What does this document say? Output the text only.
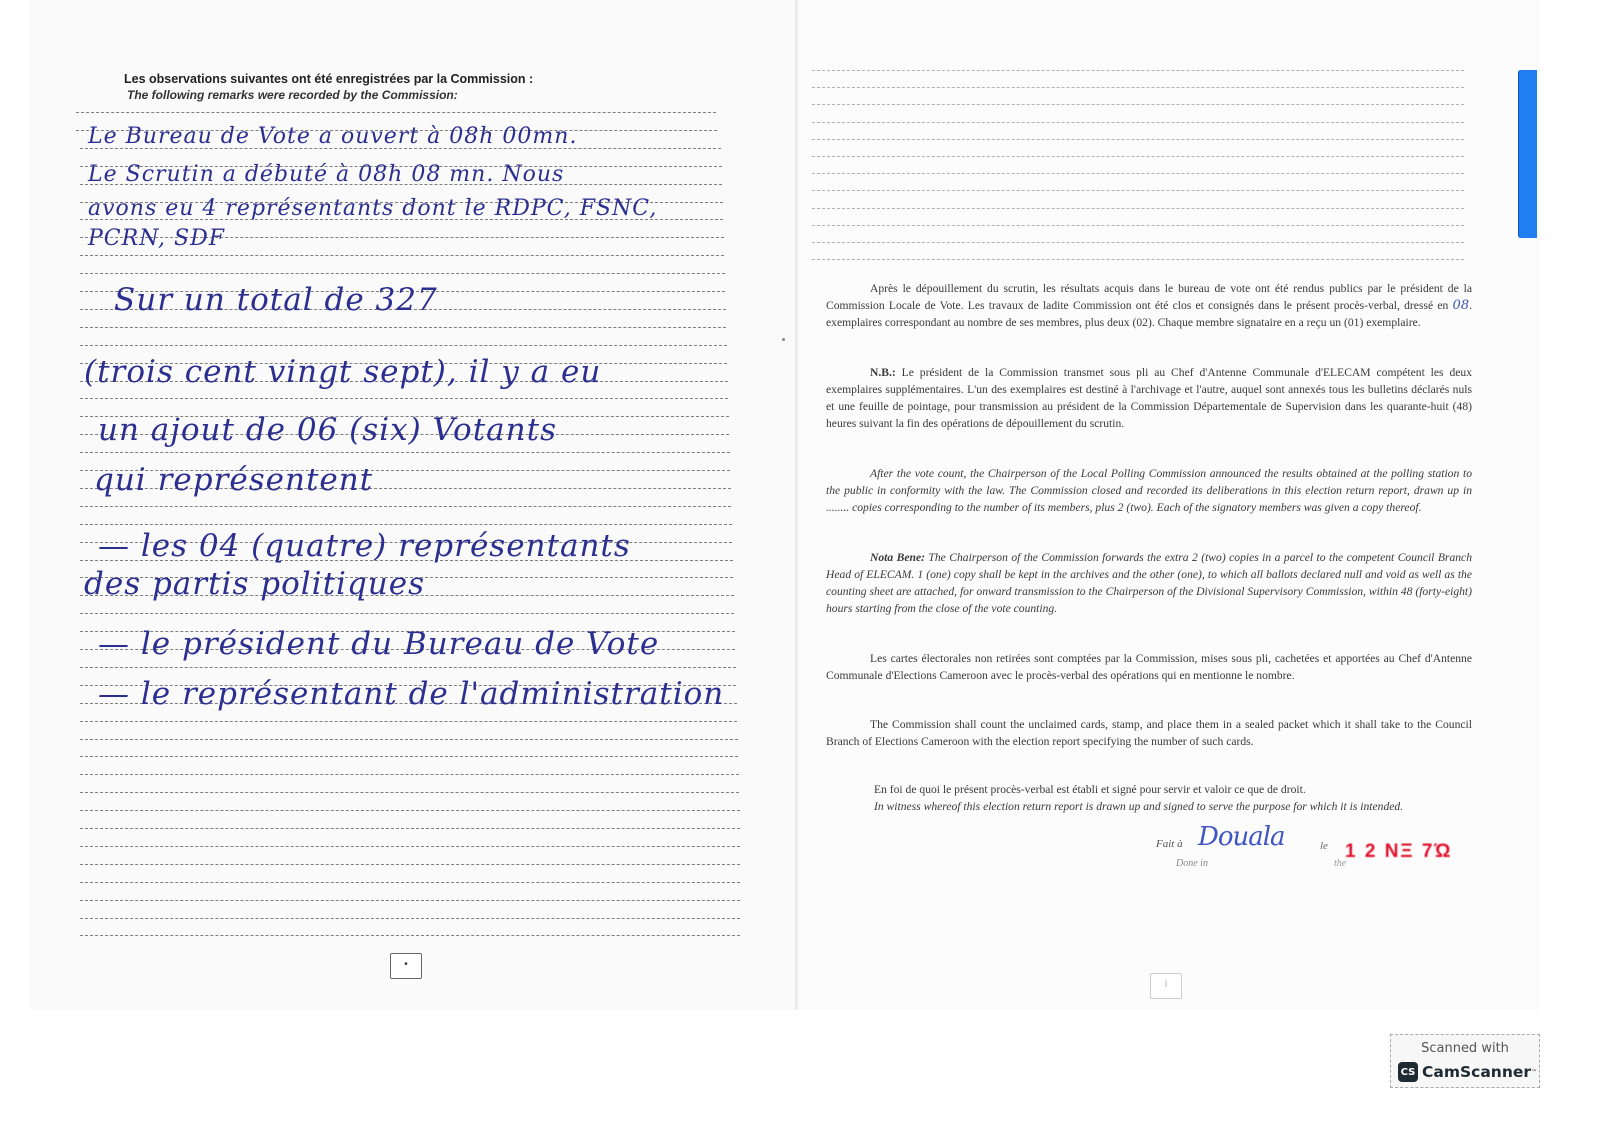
Les observations suivantes ont été enregistrées par la Commission :
The following remarks were recorded by the Commission:
Le Bureau de Vote a ouvert à 08h 00mn.
Le Scrutin a débuté à 08h 08 mn. Nous
avons eu 4 représentants dont le RDPC, FSNC,
PCRN, SDF
Sur un total de 327
(trois cent vingt sept), il y a eu
un ajout de 06 (six) Votants
qui représentent
— les 04 (quatre) représentants
des partis politiques
— le président du Bureau de Vote
— le représentant de l'administration
•
Après le dépouillement du scrutin, les résultats acquis dans le bureau de vote ont été rendus publics par le président de la Commission Locale de Vote. Les travaux de ladite Commission ont été clos et consignés dans le présent procès-verbal, dressé en 08. exemplaires correspondant au nombre de ses membres, plus deux (02). Chaque membre signataire en a reçu un (01) exemplaire.
N.B.: Le président de la Commission transmet sous pli au Chef d'Antenne Communale d'ELECAM compétent les deux exemplaires supplémentaires. L'un des exemplaires est destiné à l'archivage et l'autre, auquel sont annexés tous les bulletins déclarés nuls et une feuille de pointage, pour transmission au président de la Commission Départementale de Supervision dans les quarante-huit (48) heures suivant la fin des opérations de dépouillement du scrutin.
After the vote count, the Chairperson of the Local Polling Commission announced the results obtained at the polling station to the public in conformity with the law. The Commission closed and recorded its deliberations in this election return report, drawn up in ........ copies corresponding to the number of its members, plus 2 (two). Each of the signatory members was given a copy thereof.
Nota Bene: The Chairperson of the Commission forwards the extra 2 (two) copies in a parcel to the competent Council Branch Head of ELECAM. 1 (one) copy shall be kept in the archives and the other (one), to which all ballots declared null and void as well as the counting sheet are attached, for onward transmission to the Chairperson of the Divisional Supervisory Commission, within 48 (forty-eight) hours starting from the close of the vote counting.
Les cartes électorales non retirées sont comptées par la Commission, mises sous pli, cachetées et apportées au Chef d'Antenne Communale d'Elections Cameroon avec le procès-verbal des opérations qui en mentionne le nombre.
The Commission shall count the unclaimed cards, stamp, and place them in a sealed packet which it shall take to the Council Branch of Elections Cameroon with the election report specifying the number of such cards.
En foi de quoi le présent procès-verbal est établi et signé pour servir et valoir ce que de droit.
In witness whereof this election return report is drawn up and signed to serve the purpose for which it is intended.
Fait à
Done in
Douala	le
the
1 2 ΝΞ 7Ώ
i
Scanned with
CS CamScanner ™
